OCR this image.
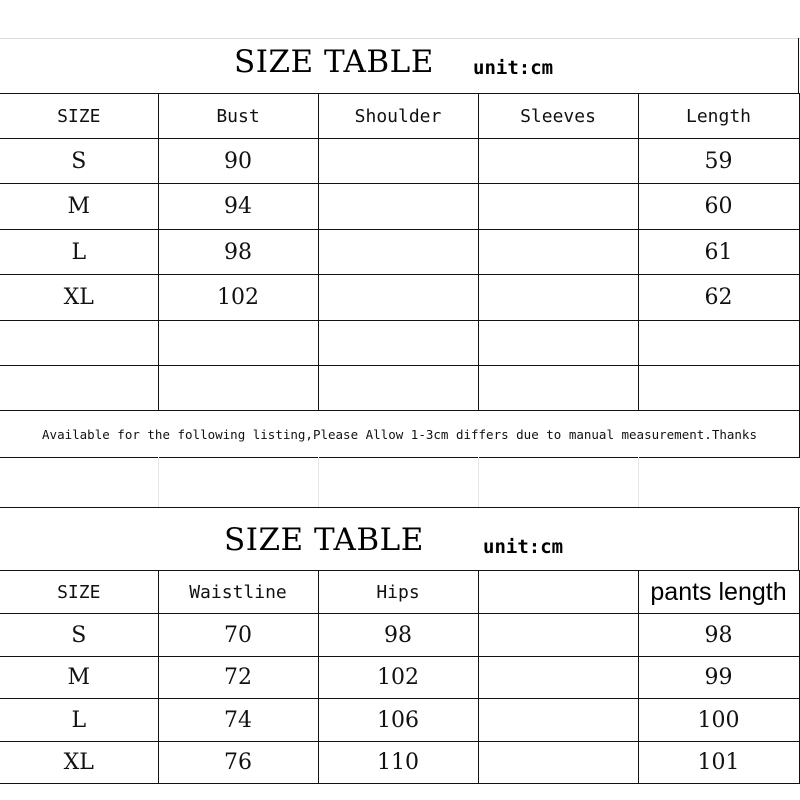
SIZE TABLE unit:cm
SIZE	Bust	Shoulder	Sleeves	Length
S	90			59
M	94			60
L	98			61
XL	102			62

Available for the following listing,Please Allow 1-3cm differs due to manual measurement.Thanks
SIZE TABLE	unit:cm
SIZE	Waistline	Hips		pants length
S	70	98		98
M	72	102		99
L	74	106		100
XL	76	110		101
